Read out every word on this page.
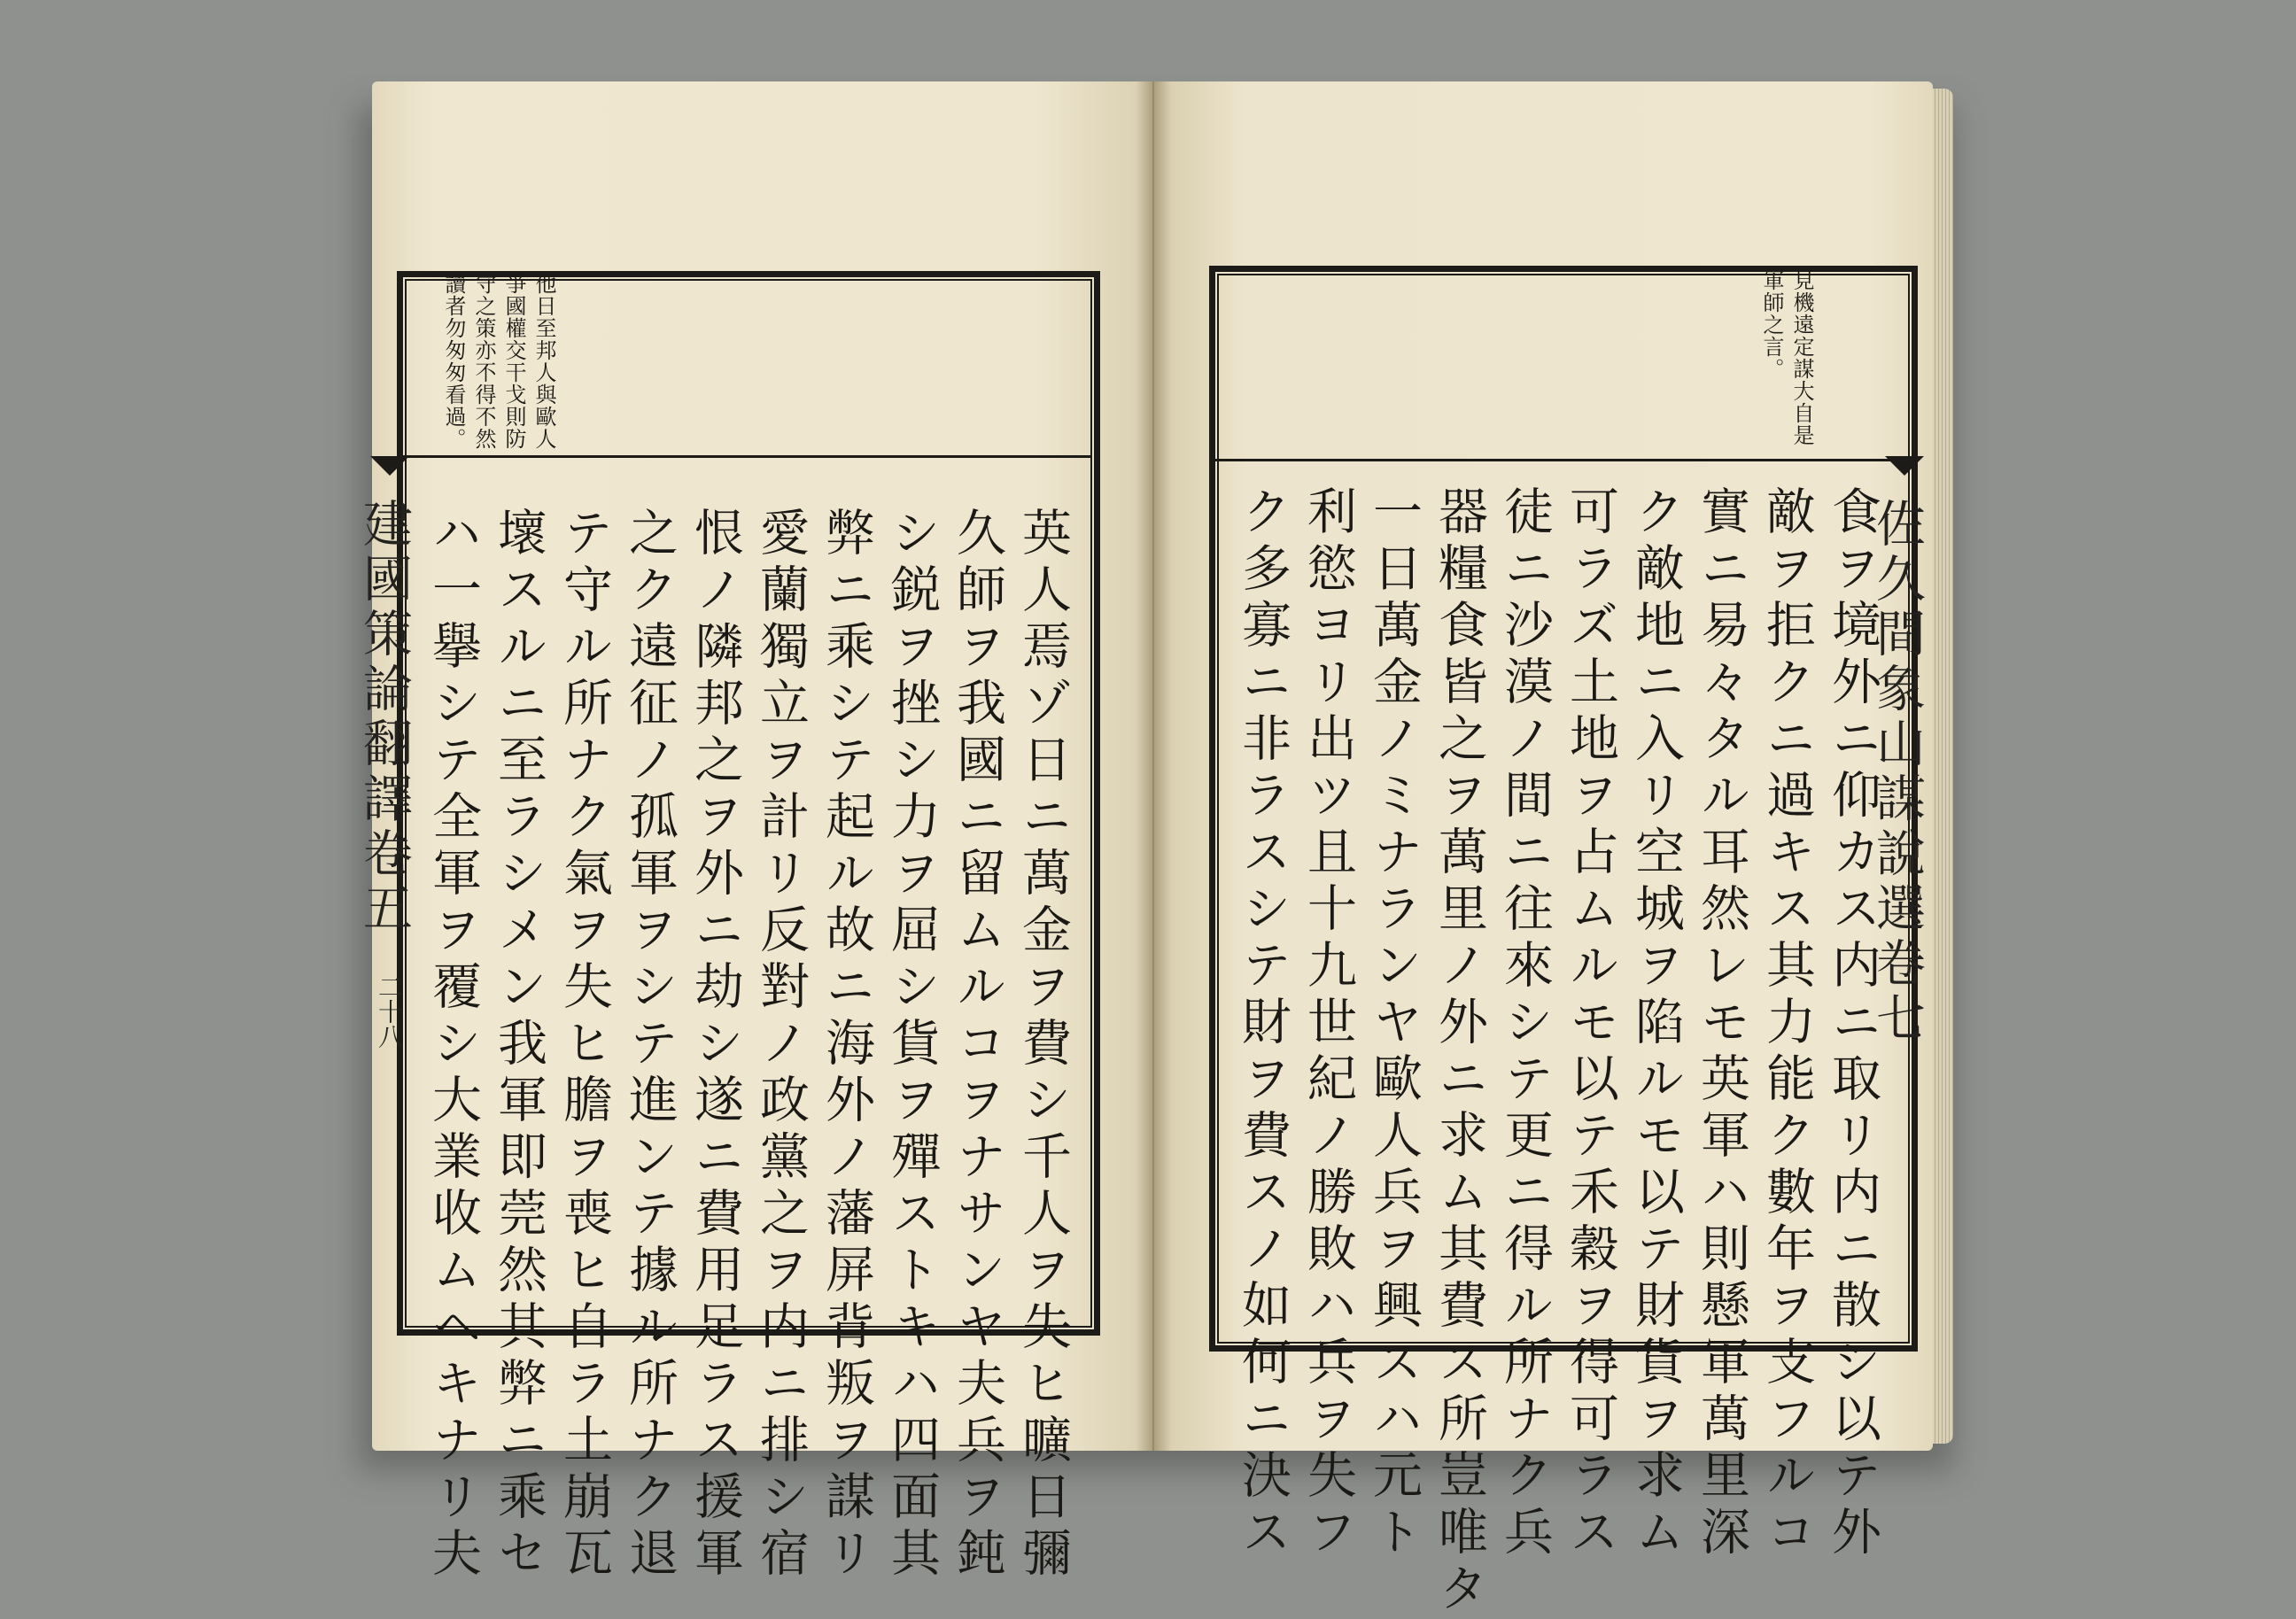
建國策論翻譯卷五
二十八
他日至邦人與歐人
爭國權交干戈則防
守之策亦不得不然
讀者勿匆匆看過。
英人焉ゾ日ニ萬金ヲ費シ千人ヲ失ヒ曠日彌
久師ヲ我國ニ留ムルコヲナサンヤ夫兵ヲ鈍
シ鋭ヲ挫シ力ヲ屈シ貨ヲ殫ストキハ四面其
弊ニ乘シテ起ル故ニ海外ノ藩屏背叛ヲ謀リ
愛蘭獨立ヲ計リ反對ノ政黨之ヲ内ニ排シ宿
恨ノ隣邦之ヲ外ニ劫シ遂ニ費用足ラス援軍
之ク遠征ノ孤軍ヲシテ進ンテ據ル所ナク退
テ守ル所ナク氣ヲ失ヒ膽ヲ喪ヒ自ラ土崩瓦
壞スルニ至ラシメン我軍即莞然其弊ニ乘セ
ハ一擧シテ全軍ヲ覆シ大業收ムヘキナリ夫	佐久間象山謀說選卷七
見機遠定謀大自是
軍師之言。
食ヲ境外ニ仰カス内ニ取リ内ニ散シ以テ外
敵ヲ拒クニ過キス其力能ク數年ヲ支フルコ
實ニ易々タル耳然レモ英軍ハ則懸軍萬里深
ク敵地ニ入リ空城ヲ陷ルモ以テ財貨ヲ求ム
可ラズ土地ヲ占ムルモ以テ禾穀ヲ得可ラス
徒ニ沙漠ノ間ニ往來シテ更ニ得ル所ナク兵
器糧食皆之ヲ萬里ノ外ニ求ム其費ス所豈唯タ
一日萬金ノミナランヤ歐人兵ヲ興スハ元ト
利慾ヨリ出ツ且十九世紀ノ勝敗ハ兵ヲ失フ
ク多寡ニ非ラスシテ財ヲ費スノ如何ニ決ス
